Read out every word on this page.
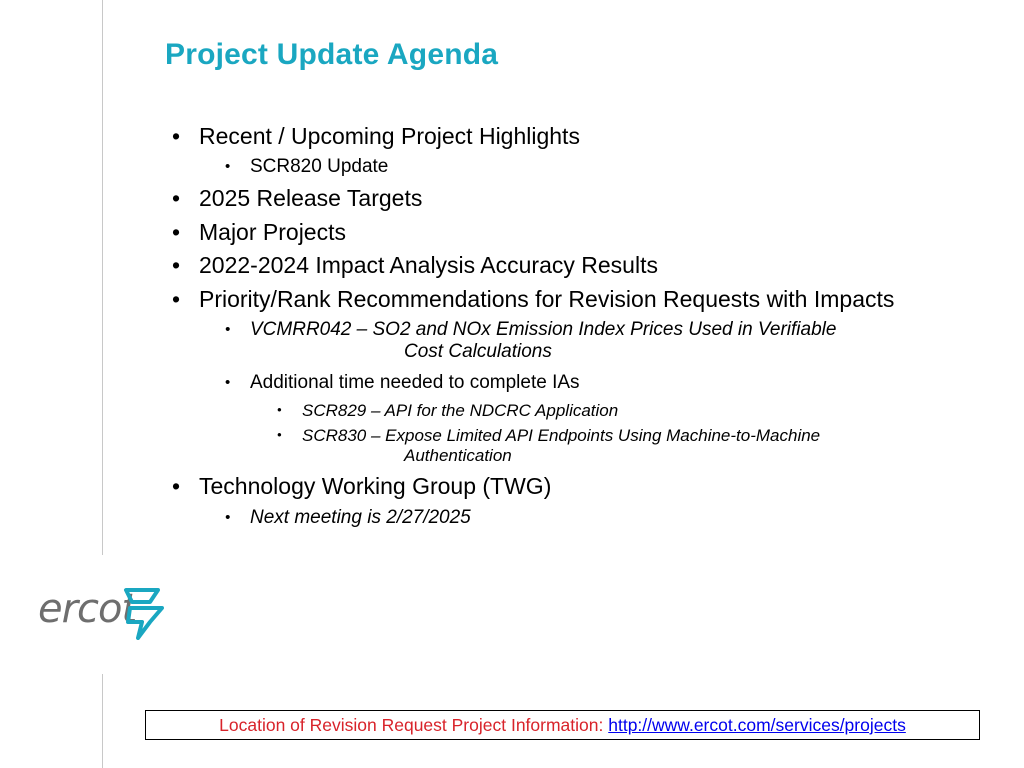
Project Update Agenda
• Recent / Upcoming Project Highlights
• SCR820 Update
• 2025 Release Targets
• Major Projects
• 2022-2024 Impact Analysis Accuracy Results
• Priority/Rank Recommendations for Revision Requests with Impacts
• VCMRR042 – SO2 and NOx Emission Index Prices Used in Verifiable
Cost Calculations
• Additional time needed to complete IAs
• SCR829 – API for the NDCRC Application
• SCR830 – Expose Limited API Endpoints Using Machine-to-Machine
Authentication
• Technology Working Group (TWG)
• Next meeting is 2/27/2025
ercot
Location of Revision Request Project Information: http://www.ercot.com/services/projects
